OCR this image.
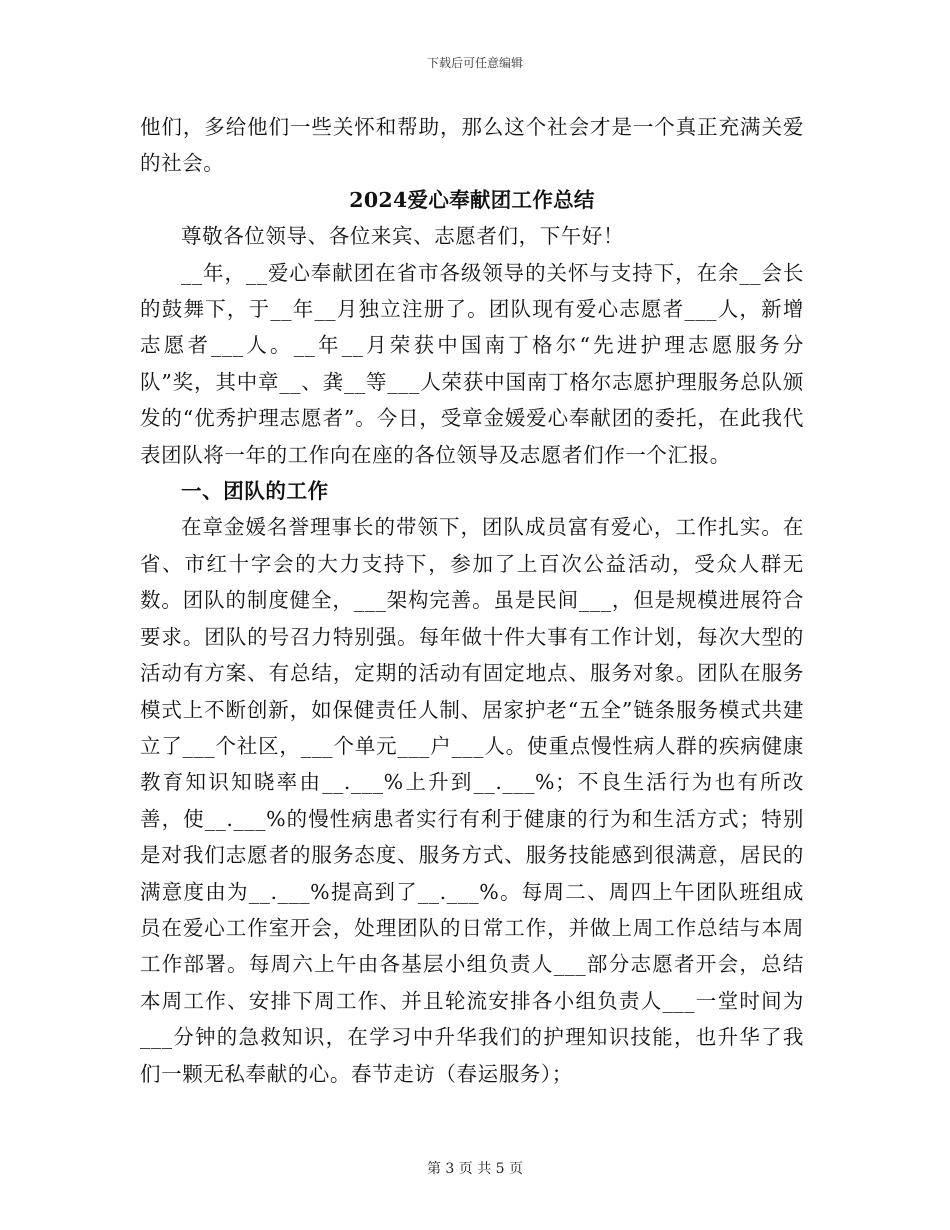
下载后可任意编辑

他们，多给他们一些关怀和帮助，那么这个社会才是一个真正充满关爱的社会。

2024爱心奉献团工作总结

尊敬各位领导、各位来宾、志愿者们，下午好！

__年，__爱心奉献团在省市各级领导的关怀与支持下，在余__会长的鼓舞下，于__年__月独立注册了。团队现有爱心志愿者___人，新增志愿者___人。__年__月荣获中国南丁格尔“先进护理志愿服务分队”奖，其中章__、龚__等___人荣获中国南丁格尔志愿护理服务总队颁发的“优秀护理志愿者”。今日，受章金媛爱心奉献团的委托，在此我代表团队将一年的工作向在座的各位领导及志愿者们作一个汇报。

一、团队的工作

在章金媛名誉理事长的带领下，团队成员富有爱心，工作扎实。在省、市红十字会的大力支持下，参加了上百次公益活动，受众人群无数。团队的制度健全，___架构完善。虽是民间___，但是规模进展符合要求。团队的号召力特别强。每年做十件大事有工作计划，每次大型的活动有方案、有总结，定期的活动有固定地点、服务对象。团队在服务模式上不断创新，如保健责任人制、居家护老“五全”链条服务模式共建立了___个社区，___个单元___户___人。使重点慢性病人群的疾病健康教育知识知晓率由__.___%上升到__.___%；不良生活行为也有所改善，使__.___%的慢性病患者实行有利于健康的行为和生活方式；特别是对我们志愿者的服务态度、服务方式、服务技能感到很满意，居民的满意度由为__.___%提高到了__.___%。每周二、周四上午团队班组成员在爱心工作室开会，处理团队的日常工作，并做上周工作总结与本周工作部署。每周六上午由各基层小组负责人___部分志愿者开会，总结本周工作、安排下周工作、并且轮流安排各小组负责人___一堂时间为___分钟的急救知识，在学习中升华我们的护理知识技能，也升华了我们一颗无私奉献的心。春节走访（春运服务）；

第 3 页 共 5 页
